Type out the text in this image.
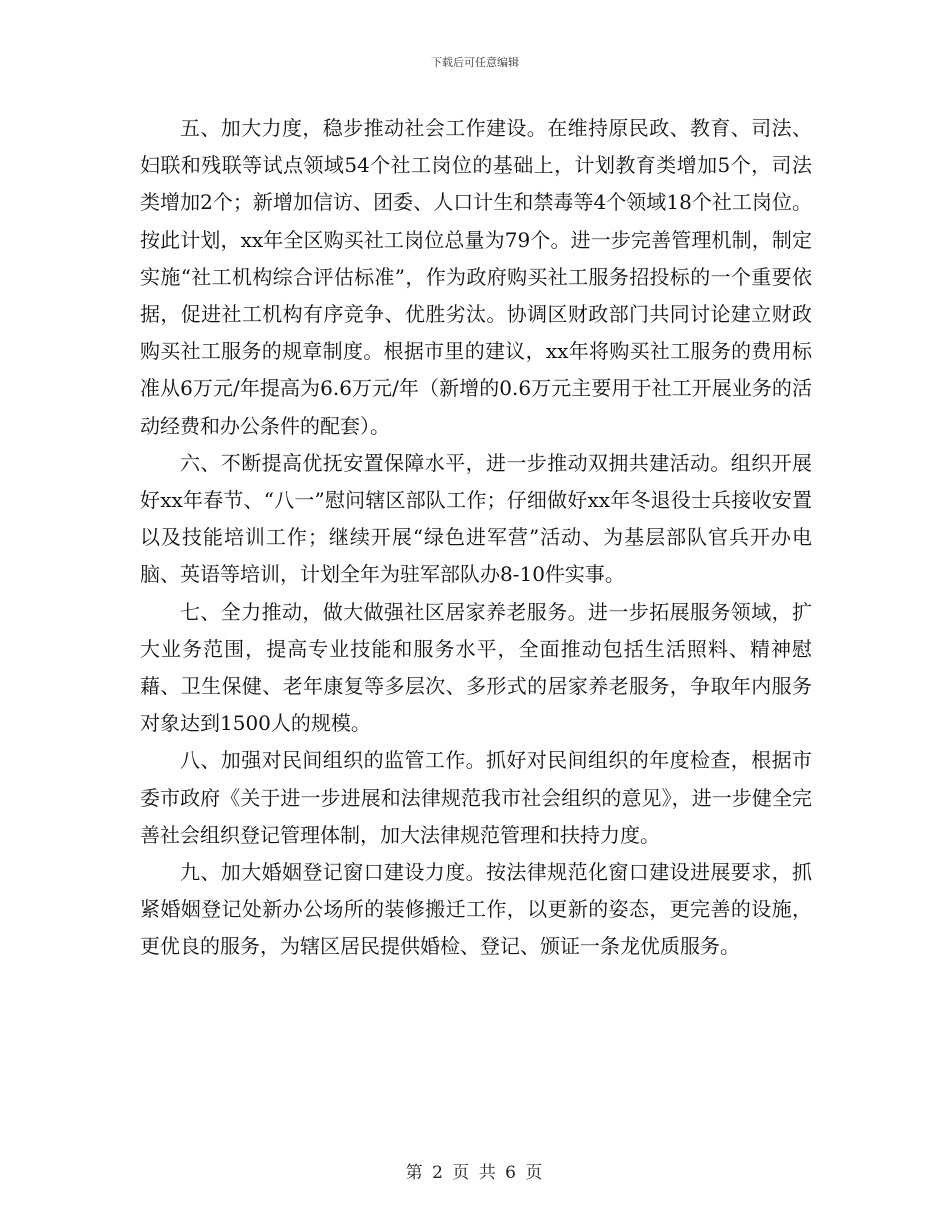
下载后可任意编辑

五、加大力度，稳步推动社会工作建设。在维持原民政、教育、司法、妇联和残联等试点领域54个社工岗位的基础上，计划教育类增加5个，司法类增加2个；新增加信访、团委、人口计生和禁毒等4个领域18个社工岗位。按此计划，xx年全区购买社工岗位总量为79个。进一步完善管理机制，制定实施“社工机构综合评估标准”，作为政府购买社工服务招投标的一个重要依据，促进社工机构有序竞争、优胜劣汰。协调区财政部门共同讨论建立财政购买社工服务的规章制度。根据市里的建议，xx年将购买社工服务的费用标准从6万元/年提高为6.6万元/年（新增的0.6万元主要用于社工开展业务的活动经费和办公条件的配套）。

六、不断提高优抚安置保障水平，进一步推动双拥共建活动。组织开展好xx年春节、“八一”慰问辖区部队工作；仔细做好xx年冬退役士兵接收安置以及技能培训工作；继续开展“绿色进军营”活动、为基层部队官兵开办电脑、英语等培训，计划全年为驻军部队办8-10件实事。

七、全力推动，做大做强社区居家养老服务。进一步拓展服务领域，扩大业务范围，提高专业技能和服务水平，全面推动包括生活照料、精神慰藉、卫生保健、老年康复等多层次、多形式的居家养老服务，争取年内服务对象达到1500人的规模。

八、加强对民间组织的监管工作。抓好对民间组织的年度检查，根据市委市政府《关于进一步进展和法律规范我市社会组织的意见》，进一步健全完善社会组织登记管理体制，加大法律规范管理和扶持力度。

九、加大婚姻登记窗口建设力度。按法律规范化窗口建设进展要求，抓紧婚姻登记处新办公场所的装修搬迁工作，以更新的姿态，更完善的设施，更优良的服务，为辖区居民提供婚检、登记、颁证一条龙优质服务。

第 2 页 共 6 页
